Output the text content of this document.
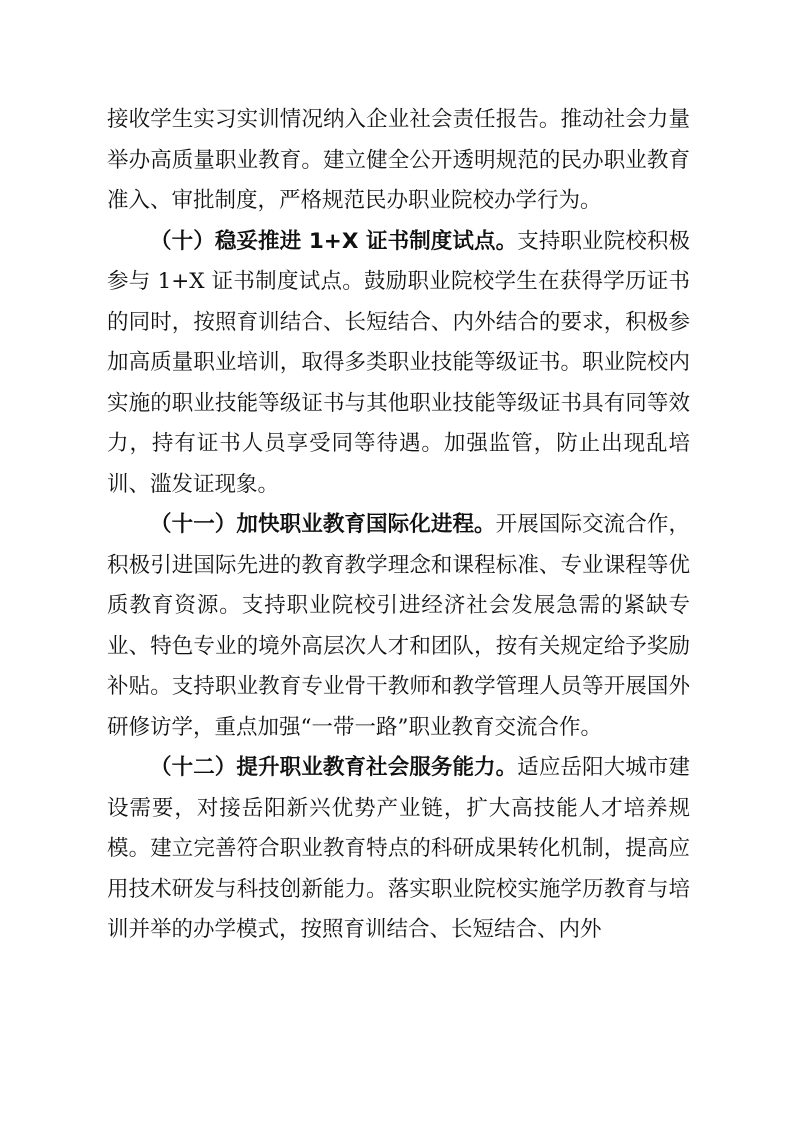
接收学生实习实训情况纳入企业社会责任报告。推动社会力量举办高质量职业教育。建立健全公开透明规范的民办职业教育准入、审批制度，严格规范民办职业院校办学行为。

（十）稳妥推进 1+X 证书制度试点。支持职业院校积极参与 1+X 证书制度试点。鼓励职业院校学生在获得学历证书的同时，按照育训结合、长短结合、内外结合的要求，积极参加高质量职业培训，取得多类职业技能等级证书。职业院校内实施的职业技能等级证书与其他职业技能等级证书具有同等效力，持有证书人员享受同等待遇。加强监管，防止出现乱培训、滥发证现象。

（十一）加快职业教育国际化进程。开展国际交流合作，积极引进国际先进的教育教学理念和课程标准、专业课程等优质教育资源。支持职业院校引进经济社会发展急需的紧缺专业、特色专业的境外高层次人才和团队，按有关规定给予奖励补贴。支持职业教育专业骨干教师和教学管理人员等开展国外研修访学，重点加强“一带一路”职业教育交流合作。

（十二）提升职业教育社会服务能力。适应岳阳大城市建设需要，对接岳阳新兴优势产业链，扩大高技能人才培养规模。建立完善符合职业教育特点的科研成果转化机制，提高应用技术研发与科技创新能力。落实职业院校实施学历教育与培训并举的办学模式，按照育训结合、长短结合、内外
